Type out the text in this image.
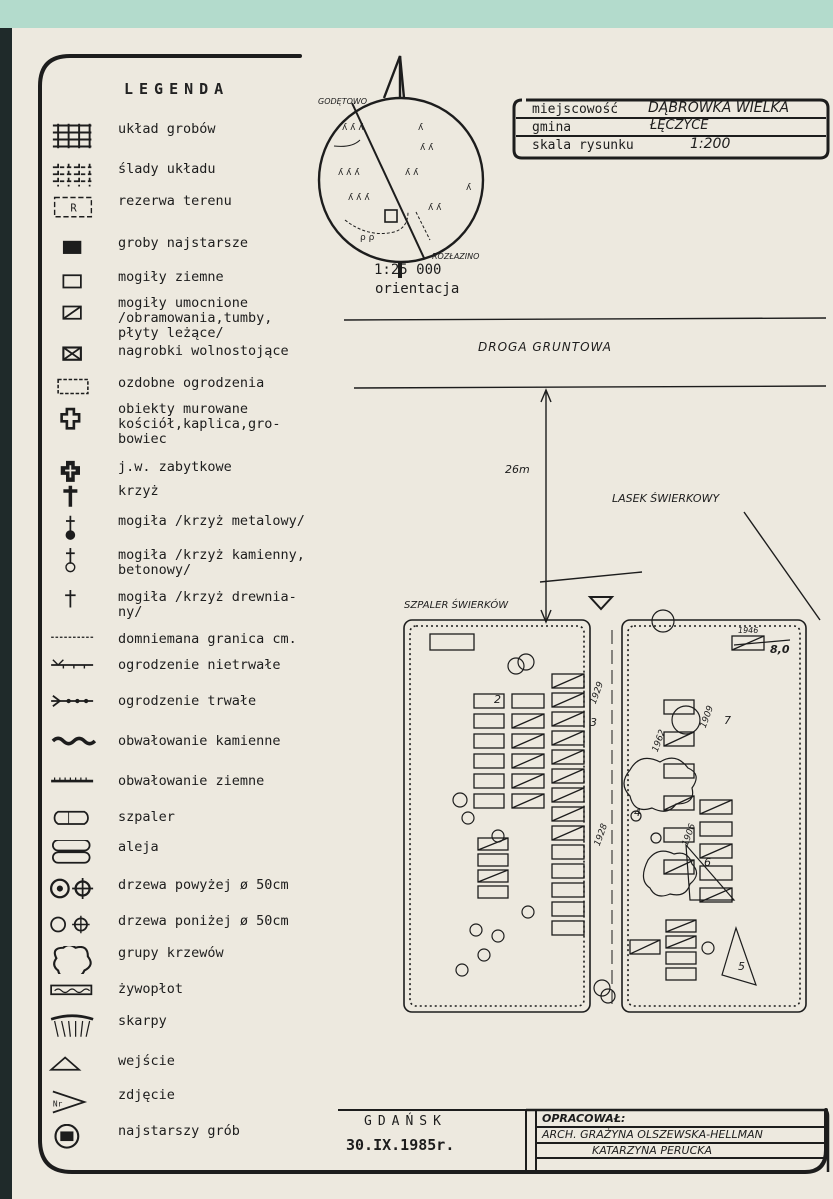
ʎ ʎ ʎ
ʎ ʎ ʎ
ʎ ʎ ʎ
ʎ ʎ
ʎ ʎ
ʎ ʎ
ʎ
ʎ
ρ ρ
LEGENDA
układ grobów
ślady układu
R	rezerwa terenu
groby najstarsze
mogiły ziemne
mogiły umocnione
/obramowania,tumby,
płyty leżące/
nagrobki wolnostojące
ozdobne ogrodzenia
obiekty murowane
kościół,kaplica,gro-
bowiec
j.w. zabytkowe
krzyż
mogiła /krzyż metalowy/
mogiła /krzyż kamienny,
betonowy/
mogiła /krzyż drewnia-
ny/
domniemana granica cm.
ogrodzenie nietrwałe
ogrodzenie trwałe
obwałowanie kamienne
obwałowanie ziemne
szpaler
aleja
drzewa powyżej ø 50cm
drzewa poniżej ø 50cm
grupy krzewów
żywopłot
skarpy
wejście
Nr
zdjęcie
najstarszy grób
GODĘTOWO
ROZŁAZINO
1:25 000
orientacja
miejscowość DĄBRÓWKA WIELKA
gmina	ŁĘCZYCE
skala rysunku	1:200
DROGA GRUNTOWA
26m
LASEK ŚWIERKOWY
SZPALER ŚWIERKÓW
8,0
1946
1929
1928
1962
1909
1906
2
3
4
5
6
7
GDAŃSK
30.IX.1985r.
OPRACOWAŁ:
ARCH. GRAŻYNA OLSZEWSKA-HELLMAN
KATARZYNA PERUCKA
